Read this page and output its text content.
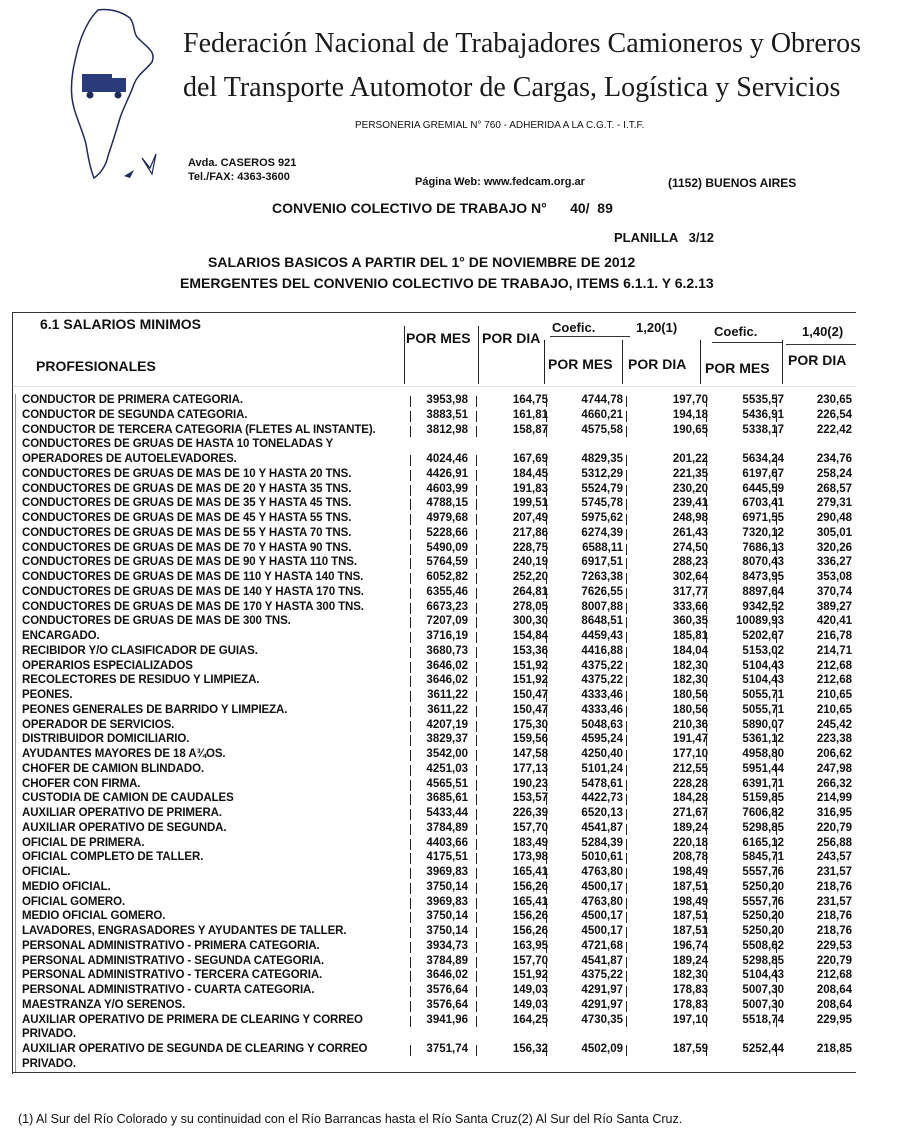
Federación Nacional de Trabajadores Camioneros y Obreros
del Transporte Automotor de Cargas, Logística y Servicios
PERSONERIA GREMIAL N° 760 - ADHERIDA A LA C.G.T. - I.T.F.
Avda. CASEROS 921
Tel./FAX: 4363-3600	Página Web: www.fedcam.org.ar	(1152) BUENOS AIRES
CONVENIO COLECTIVO DE TRABAJO N°      40/  89
PLANILLA   3/12
SALARIOS BASICOS A PARTIR DEL 1° DE NOVIEMBRE DE 2012
EMERGENTES DEL CONVENIO COLECTIVO DE TRABAJO, ITEMS 6.1.1. Y 6.2.13
6.1 SALARIOS MINIMOS
PROFESIONALES
POR MES POR DIA
Coefic.	1,20(1)	Coefic.	1,40(2)
POR MES POR DIA POR MES POR DIA
CONDUCTOR DE PRIMERA CATEGORIA.	3953,98	164,75	4744,78	197,70	5535,57	230,65
CONDUCTOR DE SEGUNDA CATEGORIA.	3883,51	161,81	4660,21	194,18	5436,91	226,54
CONDUCTOR DE TERCERA CATEGORIA (FLETES AL INSTANTE).	3812,98	158,87	4575,58	190,65	5338,17	222,42
CONDUCTORES DE GRUAS DE HASTA 10 TONELADAS Y
OPERADORES DE AUTOELEVADORES.	4024,46	167,69	4829,35	201,22	5634,24	234,76
CONDUCTORES DE GRUAS DE MAS DE 10 Y HASTA 20 TNS.	4426,91	184,45	5312,29	221,35	6197,67	258,24
CONDUCTORES DE GRUAS DE MAS DE 20 Y HASTA 35 TNS.	4603,99	191,83	5524,79	230,20	6445,59	268,57
CONDUCTORES DE GRUAS DE MAS DE 35 Y HASTA 45 TNS.	4788,15	199,51	5745,78	239,41	6703,41	279,31
CONDUCTORES DE GRUAS DE MAS DE 45 Y HASTA 55 TNS.	4979,68	207,49	5975,62	248,98	6971,55	290,48
CONDUCTORES DE GRUAS DE MAS DE 55 Y HASTA 70 TNS.	5228,66	217,86	6274,39	261,43	7320,12	305,01
CONDUCTORES DE GRUAS DE MAS DE 70 Y HASTA 90 TNS.	5490,09	228,75	6588,11	274,50	7686,13	320,26
CONDUCTORES DE GRUAS DE MAS DE 90 Y HASTA 110 TNS.	5764,59	240,19	6917,51	288,23	8070,43	336,27
CONDUCTORES DE GRUAS DE MAS DE 110 Y HASTA 140 TNS.	6052,82	252,20	7263,38	302,64	8473,95	353,08
CONDUCTORES DE GRUAS DE MAS DE 140 Y HASTA 170 TNS.	6355,46	264,81	7626,55	317,77	8897,64	370,74
CONDUCTORES DE GRUAS DE MAS DE 170 Y HASTA 300 TNS.	6673,23	278,05	8007,88	333,66	9342,52	389,27
CONDUCTORES DE GRUAS DE MAS DE 300 TNS.	7207,09	300,30	8648,51	360,35	10089,93	420,41
ENCARGADO.	3716,19	154,84	4459,43	185,81	5202,67	216,78
RECIBIDOR Y/O CLASIFICADOR DE GUIAS.	3680,73	153,36	4416,88	184,04	5153,02	214,71
OPERARIOS ESPECIALIZADOS	3646,02	151,92	4375,22	182,30	5104,43	212,68
RECOLECTORES DE RESIDUO Y LIMPIEZA.	3646,02	151,92	4375,22	182,30	5104,43	212,68
PEONES.	3611,22	150,47	4333,46	180,56	5055,71	210,65
PEONES GENERALES DE BARRIDO Y LIMPIEZA.	3611,22	150,47	4333,46	180,56	5055,71	210,65
OPERADOR DE SERVICIOS.	4207,19	175,30	5048,63	210,36	5890,07	245,42
DISTRIBUIDOR DOMICILIARIO.	3829,37	159,56	4595,24	191,47	5361,12	223,38
AYUDANTES MAYORES DE 18 A¾OS.	3542,00	147,58	4250,40	177,10	4958,80	206,62
CHOFER DE CAMION BLINDADO.	4251,03	177,13	5101,24	212,55	5951,44	247,98
CHOFER CON FIRMA.	4565,51	190,23	5478,61	228,28	6391,71	266,32
CUSTODIA DE CAMION DE CAUDALES	3685,61	153,57	4422,73	184,28	5159,85	214,99
AUXILIAR OPERATIVO DE PRIMERA.	5433,44	226,39	6520,13	271,67	7606,82	316,95
AUXILIAR OPERATIVO DE SEGUNDA.	3784,89	157,70	4541,87	189,24	5298,85	220,79
OFICIAL DE PRIMERA.	4403,66	183,49	5284,39	220,18	6165,12	256,88
OFICIAL COMPLETO DE TALLER.	4175,51	173,98	5010,61	208,78	5845,71	243,57
OFICIAL.	3969,83	165,41	4763,80	198,49	5557,76	231,57
MEDIO OFICIAL.	3750,14	156,26	4500,17	187,51	5250,20	218,76
OFICIAL GOMERO.	3969,83	165,41	4763,80	198,49	5557,76	231,57
MEDIO OFICIAL GOMERO.	3750,14	156,26	4500,17	187,51	5250,20	218,76
LAVADORES, ENGRASADORES Y AYUDANTES DE TALLER.	3750,14	156,26	4500,17	187,51	5250,20	218,76
PERSONAL ADMINISTRATIVO - PRIMERA CATEGORIA.	3934,73	163,95	4721,68	196,74	5508,62	229,53
PERSONAL ADMINISTRATIVO - SEGUNDA CATEGORIA.	3784,89	157,70	4541,87	189,24	5298,85	220,79
PERSONAL ADMINISTRATIVO - TERCERA CATEGORIA.	3646,02	151,92	4375,22	182,30	5104,43	212,68
PERSONAL ADMINISTRATIVO - CUARTA CATEGORIA.	3576,64	149,03	4291,97	178,83	5007,30	208,64
MAESTRANZA Y/O SERENOS.	3576,64	149,03	4291,97	178,83	5007,30	208,64
AUXILIAR OPERATIVO DE PRIMERA DE CLEARING Y CORREO	3941,96	164,25	4730,35	197,10	5518,74	229,95
PRIVADO.
AUXILIAR OPERATIVO DE SEGUNDA DE CLEARING Y CORREO	3751,74	156,32	4502,09	187,59	5252,44	218,85
PRIVADO.
(1) Al Sur del Río Colorado y su continuidad con el Río Barrancas hasta el Río Santa Cruz(2) Al Sur del Río Santa Cruz.
